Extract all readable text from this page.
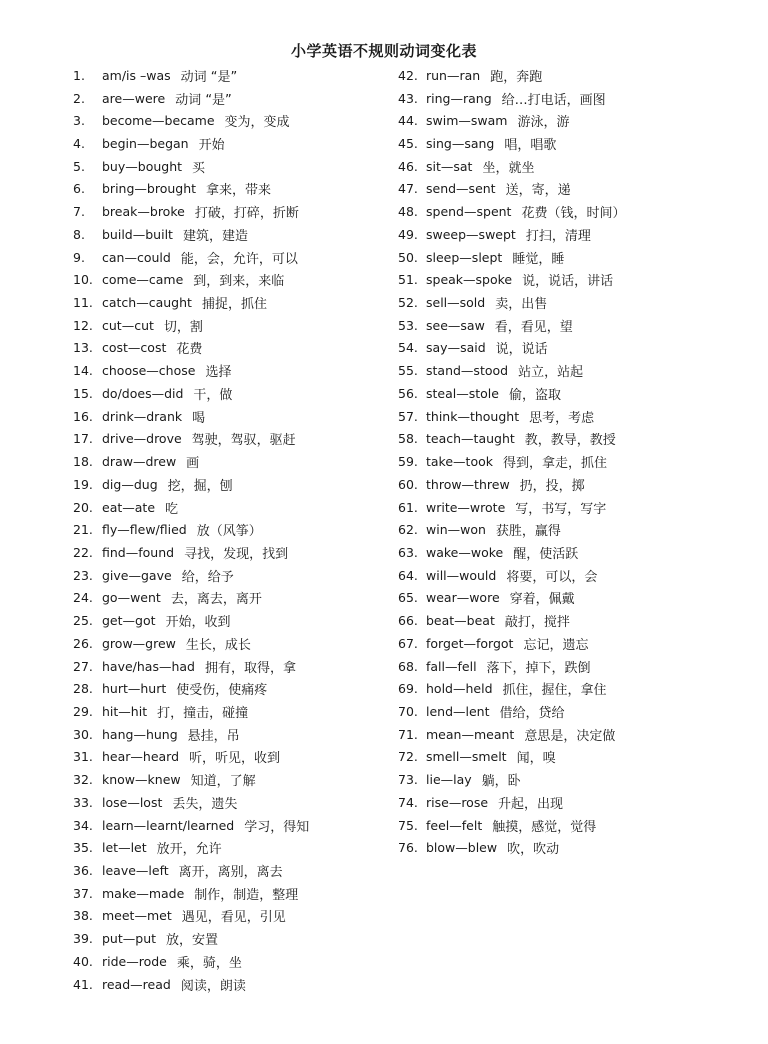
小学英语不规则动词变化表
1.	am/is –was 动词 “是”
2.	are—were 动词 “是”
3.	become—became 变为，变成
4.	begin—began 开始
5.	buy—bought 买
6.	bring—brought 拿来，带来
7.	break—broke 打破，打碎，折断
8.	build—built 建筑，建造
9.	can—could 能，会，允许，可以
10. come—came 到，到来，来临
11. catch—caught 捕捉，抓住
12. cut—cut 切，割
13. cost—cost 花费
14. choose—chose 选择
15. do/does—did 干，做
16. drink—drank 喝
17. drive—drove 驾驶，驾驭，驱赶
18. draw—drew 画
19. dig—dug 挖，掘，刨
20. eat—ate 吃
21. fly—flew/flied 放（风筝）
22. find—found 寻找，发现，找到
23. give—gave 给，给予
24. go—went 去，离去，离开
25. get—got 开始，收到
26. grow—grew 生长，成长
27. have/has—had 拥有，取得，拿
28. hurt—hurt 使受伤，使痛疼
29. hit—hit 打，撞击，碰撞
30. hang—hung 悬挂，吊
31. hear—heard 听，听见，收到
32. know—knew 知道，了解
33. lose—lost 丢失，遗失
34. learn—learnt/learned 学习，得知
35. let—let 放开，允许
36. leave—left 离开，离别，离去
37. make—made 制作，制造，整理
38. meet—met 遇见，看见，引见
39. put—put 放，安置
40. ride—rode 乘，骑，坐
41. read—read 阅读，朗读
42. run—ran 跑，奔跑
43. ring—rang 给…打电话，画图
44. swim—swam 游泳，游
45. sing—sang 唱，唱歌
46. sit—sat 坐，就坐
47. send—sent 送，寄，递
48. spend—spent 花费（钱，时间）
49. sweep—swept 打扫，清理
50. sleep—slept 睡觉，睡
51. speak—spoke 说，说话，讲话
52. sell—sold 卖，出售
53. see—saw 看，看见，望
54. say—said 说，说话
55. stand—stood 站立，站起
56. steal—stole 偷，盗取
57. think—thought 思考，考虑
58. teach—taught 教，教导，教授
59. take—took 得到，拿走，抓住
60. throw—threw 扔，投，掷
61. write—wrote 写，书写，写字
62. win—won 获胜，赢得
63. wake—woke 醒，使活跃
64. will—would 将要，可以，会
65. wear—wore 穿着，佩戴
66. beat—beat 敲打，搅拌
67. forget—forgot 忘记，遗忘
68. fall—fell 落下，掉下，跌倒
69. hold—held 抓住，握住，拿住
70. lend—lent 借给，贷给
71. mean—meant 意思是，决定做
72. smell—smelt 闻，嗅
73. lie—lay 躺，卧
74. rise—rose 升起，出现
75. feel—felt 触摸，感觉，觉得
76. blow—blew 吹，吹动
